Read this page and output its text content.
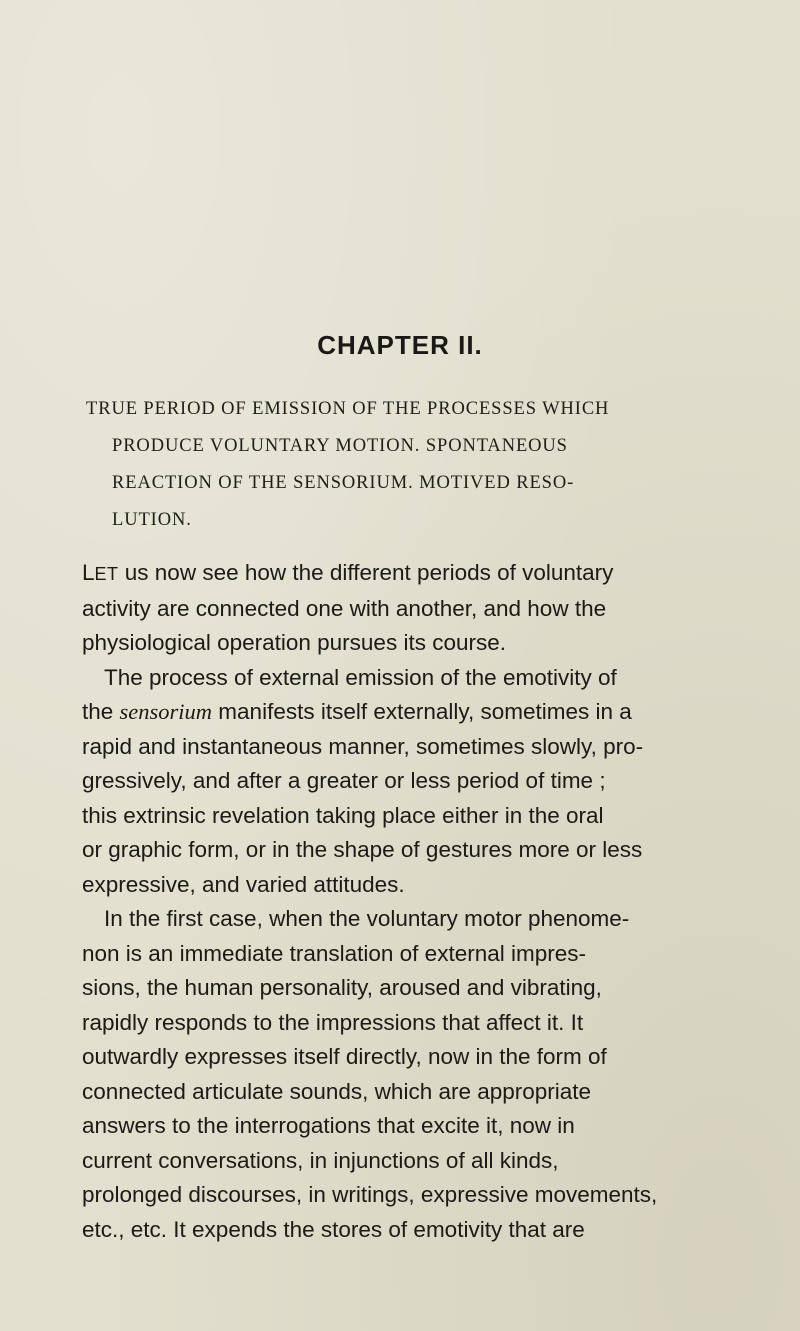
CHAPTER II.
TRUE PERIOD OF EMISSION OF THE PROCESSES WHICH
PRODUCE VOLUNTARY MOTION. SPONTANEOUS
REACTION OF THE SENSORIUM. MOTIVED RESO-
LUTION.
LET us now see how the different periods of voluntary
activity are connected one with another, and how the
physiological operation pursues its course.
The process of external emission of the emotivity of
the sensorium manifests itself externally, sometimes in a
rapid and instantaneous manner, sometimes slowly, pro-
gressively, and after a greater or less period of time ;
this extrinsic revelation taking place either in the oral
or graphic form, or in the shape of gestures more or less
expressive, and varied attitudes.
In the first case, when the voluntary motor phenome-
non is an immediate translation of external impres-
sions, the human personality, aroused and vibrating,
rapidly responds to the impressions that affect it. It
outwardly expresses itself directly, now in the form of
connected articulate sounds, which are appropriate
answers to the interrogations that excite it, now in
current conversations, in injunctions of all kinds,
prolonged discourses, in writings, expressive movements,
etc., etc. It expends the stores of emotivity that are
